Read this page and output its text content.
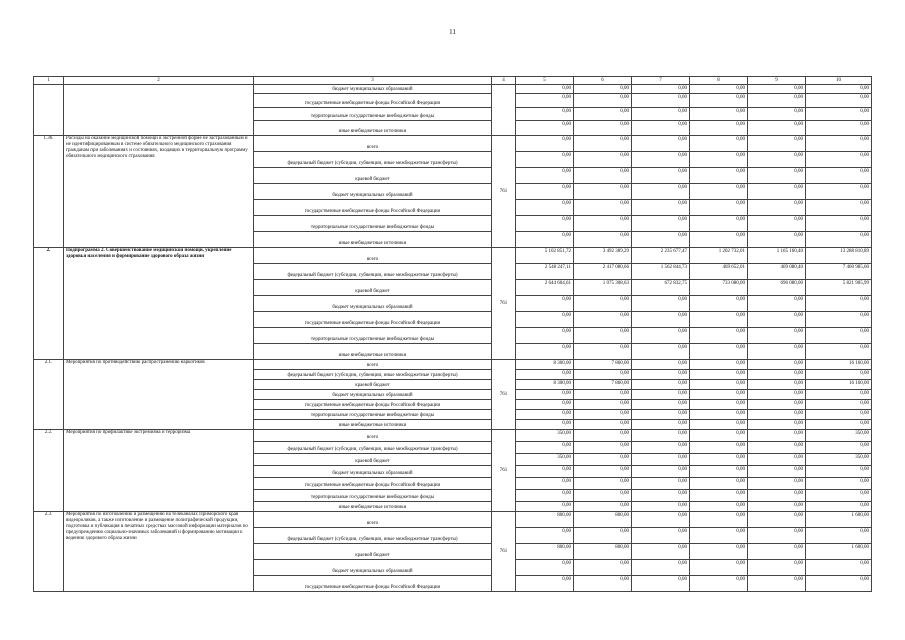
11
1	2	3	4	5	6	7	8	9	10
		бюджет муниципальных образований		0,00	0,00	0,00	0,00	0,00	0,00
		государственные внебюджетные фонды Российской Федерации		0,00	0,00	0,00	0,00	0,00	0,00
		территориальные государственные внебюджетные фонды		0,00	0,00	0,00	0,00	0,00	0,00
		иные внебюджетные источники		0,00	0,00	0,00	0,00	0,00	0,00
1.36.	Расходы на оказание медицинской помощи в экстренной форме не застрахованным и не идентифицированным в системе обязательного медицинского страхования гражданам при заболеваниях и состояниях, входящих в территориальную программу обязательного медицинского страхования	всего	761	0,00	0,00	0,00	0,00	0,00	0,00
		федеральный бюджет (субсидии, субвенции, иные межбюджетные трансферты)		0,00	0,00	0,00	0,00	0,00	0,00
		краевой бюджет		0,00	0,00	0,00	0,00	0,00	0,00
		бюджет муниципальных образований		0,00	0,00	0,00	0,00	0,00	0,00
		государственные внебюджетные фонды Российской Федерации		0,00	0,00	0,00	0,00	0,00	0,00
		территориальные государственные внебюджетные фонды		0,00	0,00	0,00	0,00	0,00	0,00
		иные внебюджетные источники		0,00	0,00	0,00	0,00	0,00	0,00
2.	Подпрограмма 2. Совершенствование медицинской помощи, укрепление здоровья населения и формирование здорового образа жизни	всего	761	5 102 851,72	3 492 389,29	2 235 677,47	1 202 732,01	1 165 160,40	13 288 810,89
		федеральный бюджет (субсидии, субвенции, иные межбюджетные трансферты)		2 548 247,11	2 417 080,66	1 562 844,73	469 652,01	469 080,40	7 460 985,60
		краевой бюджет		2 644 604,61	1 075 308,63	672 832,75	733 080,00	696 080,00	5 821 905,99
		бюджет муниципальных образований		0,00	0,00	0,00	0,00	0,00	0,00
		государственные внебюджетные фонды Российской Федерации		0,00	0,00	0,00	0,00	0,00	0,00
		территориальные государственные внебюджетные фонды		0,00	0,00	0,00	0,00	0,00	0,00
		иные внебюджетные источники		0,00	0,00	0,00	0,00	0,00	0,00
2.1.	Мероприятия по противодействию распространению наркотиков	всего	761	8 300,00	7 860,00	0,00	0,00	0,00	16 160,00
		федеральный бюджет (субсидии, субвенции, иные межбюджетные трансферты)		0,00	0,00	0,00	0,00	0,00	0,00
		краевой бюджет		8 300,00	7 860,00	0,00	0,00	0,00	16 160,00
		бюджет муниципальных образований		0,00	0,00	0,00	0,00	0,00	0,00
		государственные внебюджетные фонды Российской Федерации		0,00	0,00	0,00	0,00	0,00	0,00
		территориальные государственные внебюджетные фонды		0,00	0,00	0,00	0,00	0,00	0,00
		иные внебюджетные источники		0,00	0,00	0,00	0,00	0,00	0,00
2.2.	Мероприятия по профилактике экстремизма и терроризма	всего	761	350,00	0,00	0,00	0,00	0,00	350,00
		федеральный бюджет (субсидии, субвенции, иные межбюджетные трансферты)		0,00	0,00	0,00	0,00	0,00	0,00
		краевой бюджет		350,00	0,00	0,00	0,00	0,00	350,00
		бюджет муниципальных образований		0,00	0,00	0,00	0,00	0,00	0,00
		государственные внебюджетные фонды Российской Федерации		0,00	0,00	0,00	0,00	0,00	0,00
		территориальные государственные внебюджетные фонды		0,00	0,00	0,00	0,00	0,00	0,00
		иные внебюджетные источники		0,00	0,00	0,00	0,00	0,00	0,00
2.3.	Мероприятия по изготовлению и размещению на телеканалах Приморского края видеороликов, а также изготовление и размещение полиграфической продукции, подготовка и публикация в печатных средствах массовой информации материалов по предупреждению социально-значимых заболеваний и формированию мотивации к ведению здорового образа жизни	всего	761	800,00	800,00	0,00	0,00	0,00	1 600,00
		федеральный бюджет (субсидии, субвенции, иные межбюджетные трансферты)		0,00	0,00	0,00	0,00	0,00	0,00
		краевой бюджет		800,00	800,00	0,00	0,00	0,00	1 600,00
		бюджет муниципальных образований		0,00	0,00	0,00	0,00	0,00	0,00
		государственные внебюджетные фонды Российской Федерации		0,00	0,00	0,00	0,00	0,00	0,00
